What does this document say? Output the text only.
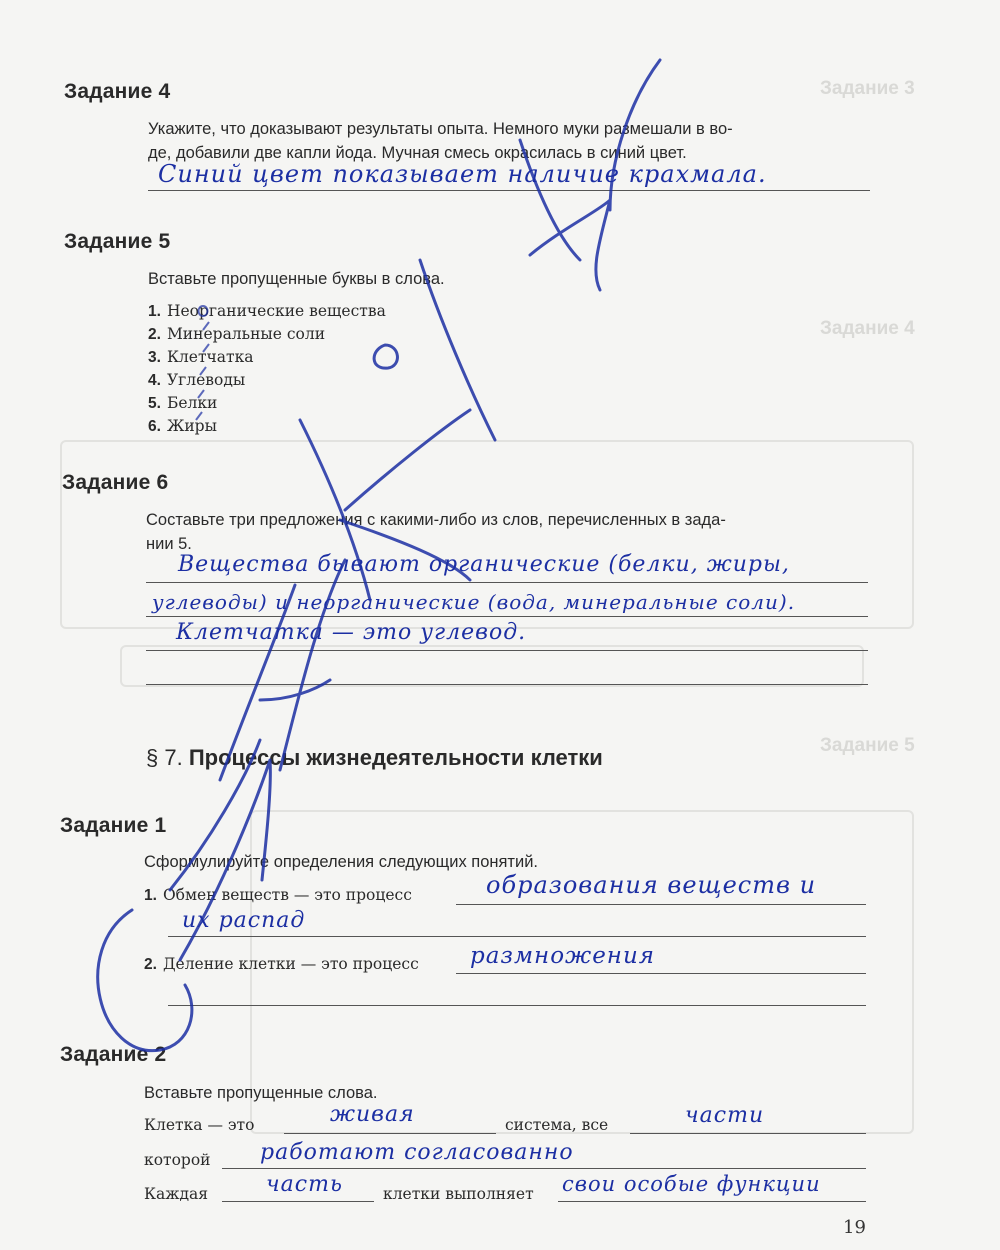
Задание 3
Задание 4
Задание 5
Задание 4
Укажите, что доказывают результаты опыта. Немного муки размешали в во-
де, добавили две капли йода. Мучная смесь окрасилась в синий цвет.
Синий цвет показывает наличие крахмала.
Задание 5
Вставьте пропущенные буквы в слова.
1. Неорганические вещества
2. Минеральные соли
3. Клетчатка
4. Углеводы
5. Белки
6. Жиры
Задание 6
Составьте три предложения с какими-либо из слов, перечисленных в зада-
нии 5.
Вещества бывают органические (белки, жиры,
углеводы) и неорганические (вода, минеральные соли).
Клетчатка — это углевод.
§ 7. Процессы жизнедеятельности клетки
Задание 1
Сформулируйте определения следующих понятий.
1. Обмен веществ — это процесс	образования веществ и
их распад
2. Деление клетки — это процесс размножения
Задание 2
Вставьте пропущенные слова.
Клетка — это	живая	система, все	части
которой работают согласованно
Каждая	часть	клетки выполняет свои особые функции
19
